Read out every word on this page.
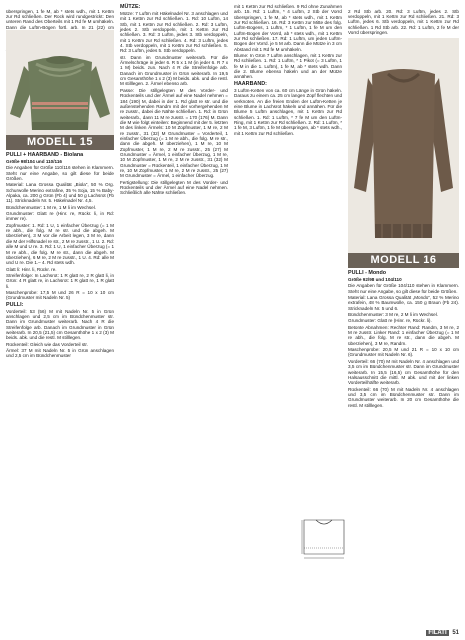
überspringen, 1 fe M, ab * stets wdh., mit 1 Kettm zur Rd schließen. Der Rock wird rundgestrickt: Den unteren Rand des Oberteils mit 1 Rd fe M umhäkeln. Dann die Luftm-Bögen fortl. arb. In 21 (22) cm

MODELL 15

PULLI + HAARBAND - Biolana

Größe 98/104 und 110/116

Die Angaben für Größe 110/116 stehen in Klammern. Steht nur eine Angabe, so gilt diese für beide Größen.

Material: Lana Grossa Qualität „Biola“, 50 % Org. Schurwolle Merino extrafine, 35 % Soja, 15 % Baby-Alpaka, ca. 200 g Grün (Fb 4) und 50 g Lachsrot (Fb 11). Stricknadeln Nr. 5. Häkelnadel Nr. 4,5.

Bündchenmuster: 1 M re, 1 M li im Wechsel.

Grundmuster: Glatt re (Hinr. re, Rückr. li, in Rd: immer re).

Zopfmuster: 1. Rd: 1 U, 1 einfacher Überzug (= 1 M re abh., die folg. M re str. und die abgeh. M überziehen), 3 M vor die Arbeit legen, 3 M re, dann die M der Hilfsnadel re str., 2 M re zusstr., 1 U. 2. Rd: alle M und U re. 3. Rd: 1 U, 1 einfacher Überzug (= 1 M re abh., die folg. M re str., dann die abgeh. M überziehen), 6 M re, 2 M re zusstr., 1 U. 4. Rd: alle M und U re. Die 1.– 4. Rd stets wdh.

Glatt li: Hinr. li, Rückr. re.

Streifenfolge: In Lachsrot: 1 R glatt re, 2 R glatt li, in Grün: 4 R glatt re, in Lachsrot: 1 R glatt re, 1 R glatt li.

Maschenprobe: 17,5 M und 26 R = 10 x 10 cm (Grundmuster mit Nadeln Nr. 5)

PULLI:

Vorderteil: 53 (56) M mit Nadeln Nr. 5 in Grün anschlagen und 2,5 cm im Bündchenmuster str. Dann im Grundmuster weiterarb. Nach 4 R die Streifenfolge arb. Danach im Grundmuster in Grün weiterarb. In 20,5 (21,5) cm Gesamthöhe 1 x 2 (3) M beids. abk. und die restl. M stilllegen.

Rückenteil: Gleich wie das Vorderteil str.

Ärmel: 37 M mit Nadeln Nr. 5 in Grün anschlagen und 2,5 cm im Bündchenmuster

MÜTZE:

Mütze: 7 Luftm mit Häkelnadel Nr. 3 anschlagen und mit 1 Kettm zur Rd schließen. 1. Rd: 10 Luftm, 14 Stb, mit 1 Kettm zur Rd schließen. 2. Rd: 3 Luftm, jedes 2. Stb verdoppeln, mit 1 Kettm zur Rd schließen. 3. Rd: 3 Luftm, jedes 3. Stb verdoppeln, mit 1 Kettm zur Rd schließen. 4. Rd: 3 Luftm, jedes 4. Stb verdoppeln, mit 1 Kettm zur Rd schließen. 5. Rd: 3 Luftm, jedes 5. Stb verdoppeln.

str. Dann im Grundmuster weiterarb. Für die Ärmelschräge in jeder 6. R 5 x 1 M (in jeder 6. R 7 x 1 M) beids. zun. Nach 4 R die Streifenfolge arb. Danach im Grundmuster in Grün weiterarb. In 19,5 cm Gesamthöhe 1 x 2 (3) M beids. abk. und die restl. M stilllegen. 2. Ärmel ebenso arb.

Passe: Die stillgelegten M des Vorder- und Rückenteils und der Ärmel auf eine Nadel nehmen = 184 (190) M, dabei in der 1. Rd glatt re str. und die außenstehenden Randm mit der vorhergehenden M re zusstr., dabei die Nähte schließen. 1. Rd: in Grün weiterarb., dann 11 M re zusstr. = 170 (176) M. Dann die M wie folgt einteilen: Beginnend mit der 5. letzten M des linken Ärmels: 10 M Zopfmuster, 1 M re, 2 M re zusstr., 31 (32) M Grundmuster = Vorderteil, 1 einfacher Überzug (= 1 M re abh., die folg. M re str., dann die abgeh. M überziehen), 1 M re, 10 M Zopfmuster, 1 M re, 2 M re zusstr., 25 (27) M Grundmuster = Ärmel, 1 einfacher Überzug, 1 M re, 10 M Zopfmuster, 1 M re, 2 M re zusstr., 31 (32) M Grundmuster = Rückenteil, 1 einfacher Überzug, 1 M re, 10 M Zopfmuster, 1 M re, 2 M re zusstr., 25 (27) M Grundmuster = Ärmel, 1 einfacher Überzug.

Fertigstellung: Die stillgelegten M des Vorder- und Rückenteils und der Ärmel auf eine Nadel nehmen. Schließlich alle Nähte schließen.

mit 1 Kettm zur Rd schließen. 9 Rd ohne Zunahmen arb. 15. Rd: 1 Luftm, * 4 Luftm, 2 Stb der Vorrd überspringen, 1 fe M, ab * stets wdh., mit 1 Kettm zur Rd schließen. 16. Rd: 3 Kettm zur Mitte des folg. Luftm-Bogens, 1 Luftm, * 1 Luftm, 1 fe M um den Luftm-Bogen der Vorrd, ab * stets wdh., mit 1 Kettm zur Rd schließen. 17. Rd: 1 Luftm, um jeden Luftm-Bogen der Vorrd. je 5 M arb. Dann die Mütze in 3 cm Abstand mit 1 Rd fe M umhäkeln.

Blume: In Grün 7 Luftm anschlagen, mit 1 Kettm zur Rd schließen. 1. Rd: 1 Luftm, * 1 Pikot (= 3 Luftm, 1 fe M in die 1. Luftm), 1 fe M, ab * stets wdh. Dann die 2. Blume ebenso häkeln und an der Mütze annähen.

HAARBAND:

3 Luftm-Ketten von ca. 60 cm Länge in Grün häkeln. Daraus zu einem ca. 25 cm langen Zopf flechten und verknoten. An die freien Enden der Luftm-Ketten je eine Blume in Lachsrot häkeln und annähen. Für die Blume 5 Luftm anschlagen, mit 1 Kettm zur Rd schließen. 1. Rd: 1 Luftm, * 7 fe M um den Luftm-Ring, mit 1 Kettm zur Rd schließen. 2. Rd: 1 Luftm, * 1 fe M, 3 Luftm, 1 fe M überspringen, ab * stets wdh., mit 1 Kettm zur Rd schließen.

2 Rd Stb arb. 20. Rd: 3 Luftm, jedes 2. Stb verdoppeln, mit 1 Kettm zur Rd schließen. 21. Rd: 3 Luftm, jedes 6. Stb verdoppeln, mit 1 Kettm zur Rd schließen. 1 Rd Stb arb. 22. Rd: 1 Luftm, 2 fe M der Vorrd überspringen.

MODELL 16

PULLI - Mondo

Größe 92/98 und 104/110

Die Angaben für Größe 104/110 stehen in Klammern. Steht nur eine Angabe, so gilt diese für beide Größen.

Material: Lana Grossa Qualität „Mondo“, 52 % Merino extrafein, 48 % Baumwolle, ca. 150 g Braun (Fb 24). Stricknadeln Nr. 5 und 6.

Bündchenmuster: 3 M re, 2 M li im Wechsel.

Grundmuster: Glatt re (Hinr. re, Rückr. li).

Betonte Abnahmen: Rechter Rand: Randm, 3 M re, 2 M re zusstr. Linker Rand: 1 einfacher Überzug (= 1 M re abh., die folg. M re str., dann die abgeh. M überziehen), 3 M re, Randm.

Maschenprobe: 20,5 M und 21 R = 10 x 10 cm (Grundmuster mit Nadeln Nr. 6).

Vorderteil: 66 (70) M mit Nadeln Nr. 4 anschlagen und 3,5 cm im Bündchenmuster str. Dann im Grundmuster weiterarb. In 15,5 (16,5) cm Gesamthöhe für den Halsausschnitt die mittl. M abk. und mit der linken Vorderteilhälfte weiterarb.

Rückenteil: 66 (70) M mit Nadeln Nr. 4 anschlagen und 3,5 cm im Bündchenmuster str. Dann im Grundmuster weiterarb. In 20 cm Gesamthöhe die restl. M stilllegen.

FILATI 51
